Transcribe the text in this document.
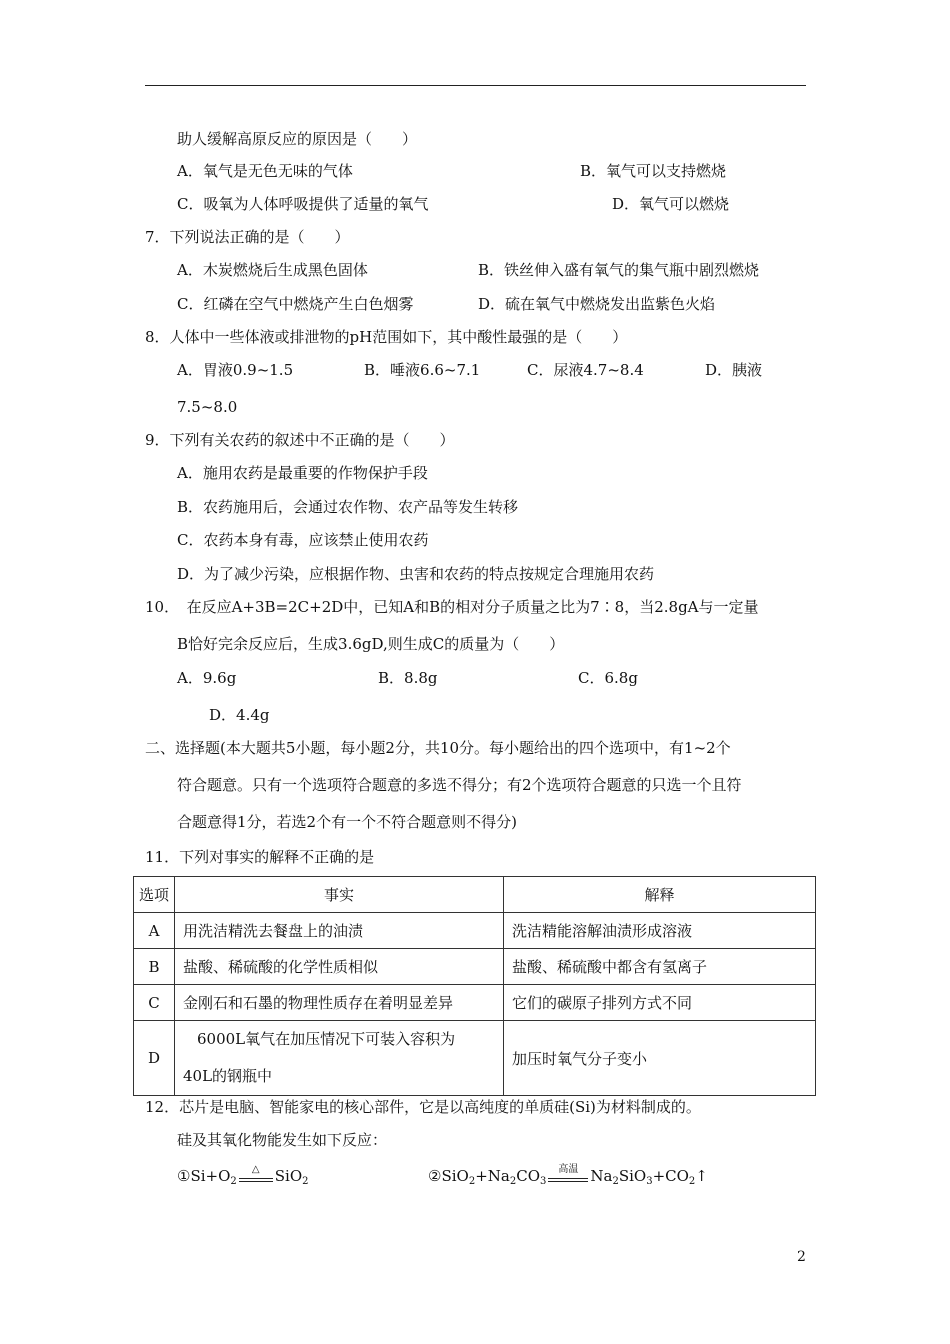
助人缓解高原反应的原因是（　　）
A．氧气是无色无味的气体	B．氧气可以支持燃烧
C．吸氧为人体呼吸提供了适量的氧气	D．氧气可以燃烧
7．下列说法正确的是（　　）
A．木炭燃烧后生成黑色固体	B．铁丝伸入盛有氧气的集气瓶中剧烈燃烧
C．红磷在空气中燃烧产生白色烟雾	D．硫在氧气中燃烧发出监紫色火焰
8．人体中一些体液或排泄物的pH范围如下，其中酸性最强的是（　　）
A．胃液0.9~1.5	B．唾液6.6~7.1	C．尿液4.7~8.4	D．胰液
7.5~8.0
9．下列有关农药的叙述中不正确的是（　　）
A．施用农药是最重要的作物保护手段
B．农药施用后，会通过农作物、农产品等发生转移
C．农药本身有毒，应该禁止使用农药
D．为了减少污染，应根据作物、虫害和农药的特点按规定合理施用农药
10．　在反应A+3B=2C+2D中，已知A和B的相对分子质量之比为7∶8，当2.8gA与一定量
B恰好完余反应后，生成3.6gD,则生成C的质量为（　　）
A．9.6g	B．8.8g	C．6.8g
D．4.4g
二、选择题(本大题共5小题，每小题2分，共10分。每小题给出的四个选项中，有1~2个
符合题意。只有一个选项符合题意的多选不得分；有2个选项符合题意的只选一个且符
合题意得1分，若选2个有一个不符合题意则不得分)
11．下列对事实的解释不正确的是
选项	事实	解释
A	用洗洁精洗去餐盘上的油渍	洗洁精能溶解油渍形成溶液
B	盐酸、稀硫酸的化学性质相似	盐酸、稀硫酸中都含有氢离子
C	金刚石和石墨的物理性质存在着明显差异	它们的碳原子排列方式不同
D	6000L氧气在加压情况下可装入容积为
40L的钢瓶中	加压时氧气分子变小
12．芯片是电脑、智能家电的核心部件，它是以高纯度的单质硅(Si)为材料制成的。
硅及其氧化物能发生如下反应：
$①Si+O_2$
△	SiO$_2$	$②SiO_2+Na_2CO_3$
高温 $Na_2SiO_3+CO_2↑$
2
